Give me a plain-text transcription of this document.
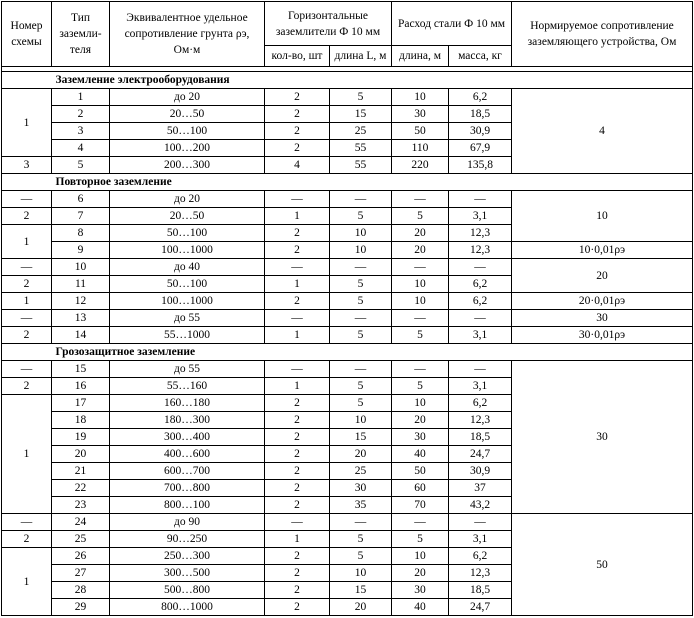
Номер схемы	Тип заземли-теля	Эквивалентное удельное сопротивление грунта ρэ, Ом·м	Горизонтальные заземлители Ф 10 мм		Расход стали Ф 10 мм		Нормируемое сопротивление заземляющего устройства, Ом
			кол-во, шт	длина L, м	длина, м	масса, кг	

	Заземление электрооборудования						
1	1	до 20	2	5	10	6,2	4
	2	20…50	2	15	30	18,5	
	3	50…100	2	25	50	30,9	
	4	100…200	2	55	110	67,9	
3	5	200…300	4	55	220	135,8	
	Повторное заземление						
—	6	до 20	—	—	—	—	10
2	7	20…50	1	5	5	3,1	
1	8	50…100	2	10	20	12,3	
	9	100…1000	2	10	20	12,3	10·0,01ρэ
—	10	до 40	—	—	—	—	20
2	11	50…100	1	5	10	6,2	
1	12	100…1000	2	5	10	6,2	20·0,01ρэ
—	13	до 55	—	—	—	—	30
2	14	55…1000	1	5	5	3,1	30·0,01ρэ
	Грозозащитное заземление						
—	15	до 55	—	—	—	—	30
2	16	55…160	1	5	5	3,1	
1	17	160…180	2	5	10	6,2	
	18	180…300	2	10	20	12,3	
	19	300…400	2	15	30	18,5	
	20	400…600	2	20	40	24,7	
	21	600…700	2	25	50	30,9	
	22	700…800	2	30	60	37	
	23	800…100	2	35	70	43,2	
—	24	до 90	—	—	—	—	50
2	25	90…250	1	5	5	3,1	
1	26	250…300	2	5	10	6,2	
	27	300…500	2	10	20	12,3	
	28	500…800	2	15	30	18,5	
	29	800…1000	2	20	40	24,7	
